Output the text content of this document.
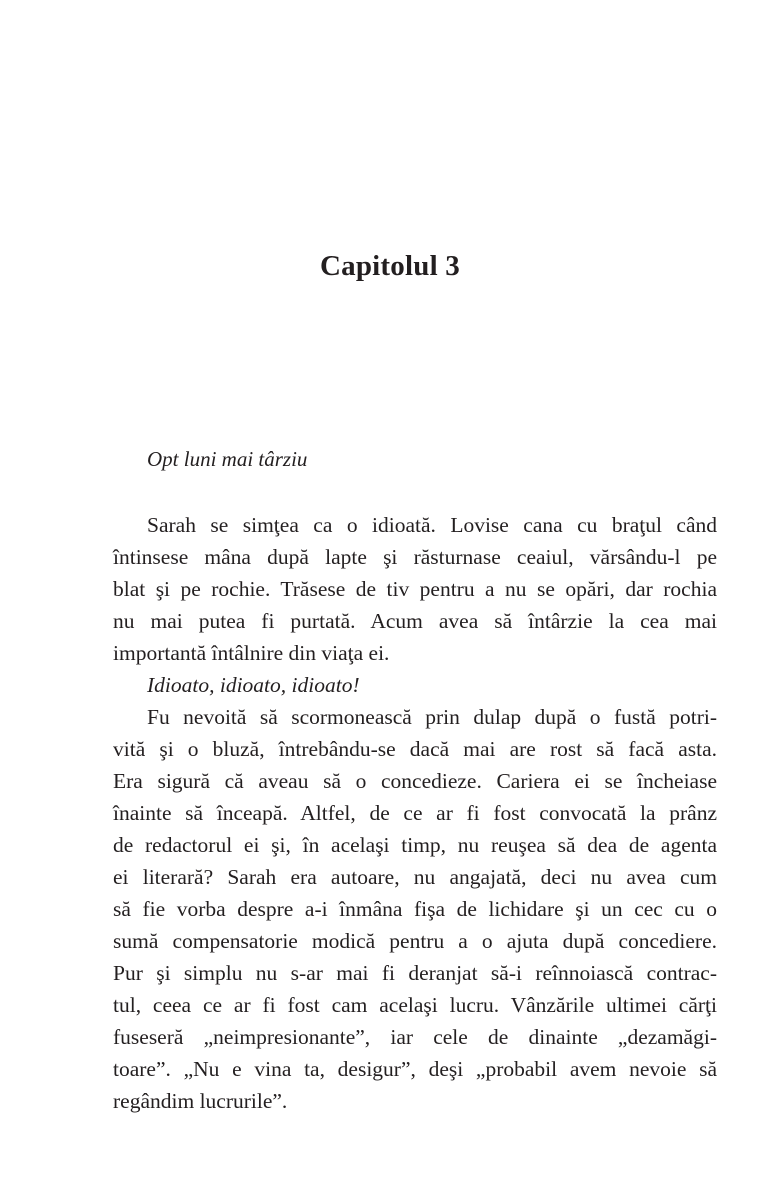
Capitolul 3
Opt luni mai târziu
Sarah se simţea ca o idioată. Lovise cana cu braţul când
întinsese mâna după lapte şi răsturnase ceaiul, vărsându-l pe
blat şi pe rochie. Trăsese de tiv pentru a nu se opări, dar rochia
nu mai putea fi purtată. Acum avea să întârzie la cea mai
importantă întâlnire din viaţa ei.
Idioato, idioato, idioato!
Fu nevoită să scormonească prin dulap după o fustă potri-
vită şi o bluză, întrebându-se dacă mai are rost să facă asta.
Era sigură că aveau să o concedieze. Cariera ei se încheiase
înainte să înceapă. Altfel, de ce ar fi fost convocată la prânz
de redactorul ei şi, în acelaşi timp, nu reuşea să dea de agenta
ei literară? Sarah era autoare, nu angajată, deci nu avea cum
să fie vorba despre a-i înmâna fişa de lichidare şi un cec cu o
sumă compensatorie modică pentru a o ajuta după concediere.
Pur şi simplu nu s-ar mai fi deranjat să-i reînnoiască contrac-
tul, ceea ce ar fi fost cam acelaşi lucru. Vânzările ultimei cărţi
fuseseră „neimpresionante”, iar cele de dinainte „dezamăgi-
toare”. „Nu e vina ta, desigur”, deşi „probabil avem nevoie să
regândim lucrurile”.
